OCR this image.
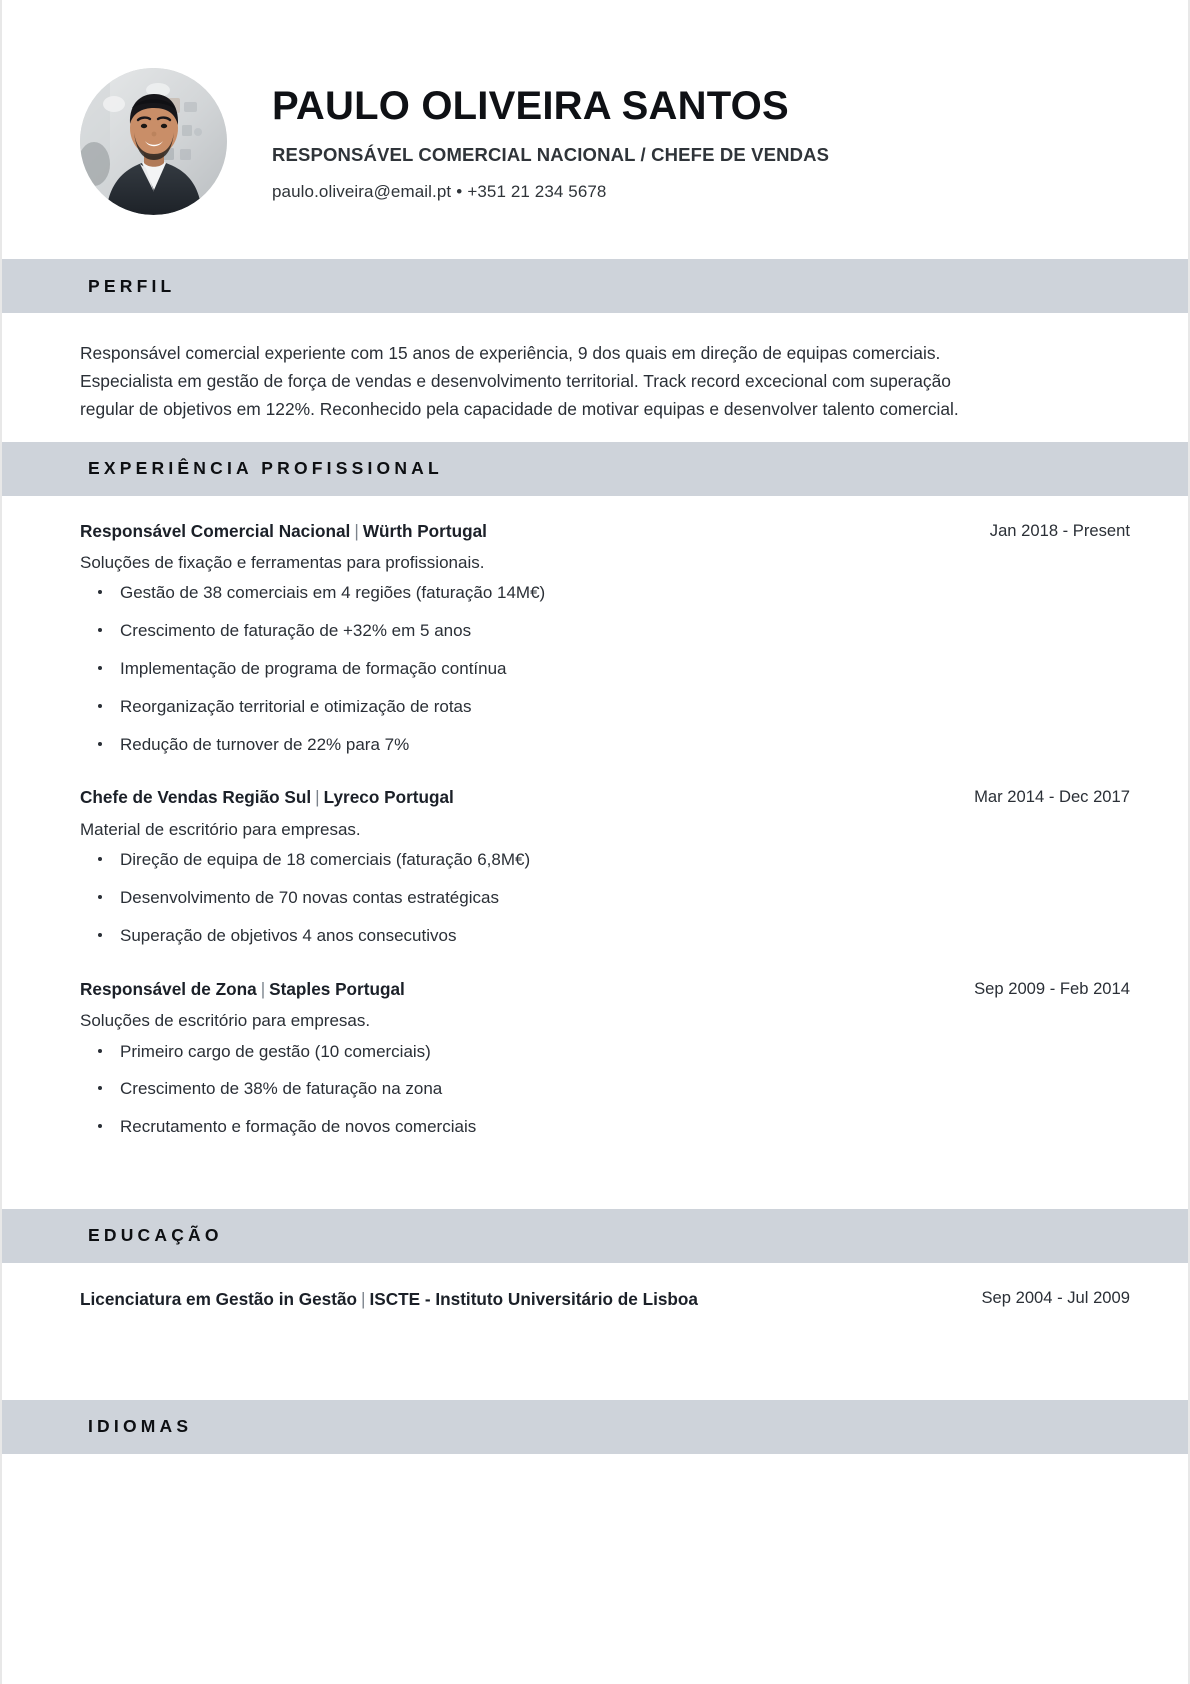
PAULO OLIVEIRA SANTOS
RESPONSÁVEL COMERCIAL NACIONAL / CHEFE DE VENDAS
paulo.oliveira@email.pt • +351 21 234 5678
PERFIL

Responsável comercial experiente com 15 anos de experiência, 9 dos quais em direção de equipas comerciais. Especialista em gestão de força de vendas e desenvolvimento territorial. Track record excecional com superação regular de objetivos em 122%. Reconhecido pela capacidade de motivar equipas e desenvolver talento comercial.

EXPERIÊNCIA PROFISSIONAL
Responsável Comercial Nacional | Würth Portugal	Jan 2018 - Present
Soluções de fixação e ferramentas para profissionais.
Gestão de 38 comerciais em 4 regiões (faturação 14M€)
Crescimento de faturação de +32% em 5 anos
Implementação de programa de formação contínua
Reorganização territorial e otimização de rotas
Redução de turnover de 22% para 7%
Chefe de Vendas Região Sul | Lyreco Portugal	Mar 2014 - Dec 2017
Material de escritório para empresas.
Direção de equipa de 18 comerciais (faturação 6,8M€)
Desenvolvimento de 70 novas contas estratégicas
Superação de objetivos 4 anos consecutivos
Responsável de Zona | Staples Portugal	Sep 2009 - Feb 2014
Soluções de escritório para empresas.
Primeiro cargo de gestão (10 comerciais)
Crescimento de 38% de faturação na zona
Recrutamento e formação de novos comerciais
EDUCAÇÃO
Licenciatura em Gestão in Gestão | ISCTE - Instituto Universitário de Lisboa	Sep 2004 - Jul 2009
IDIOMAS
